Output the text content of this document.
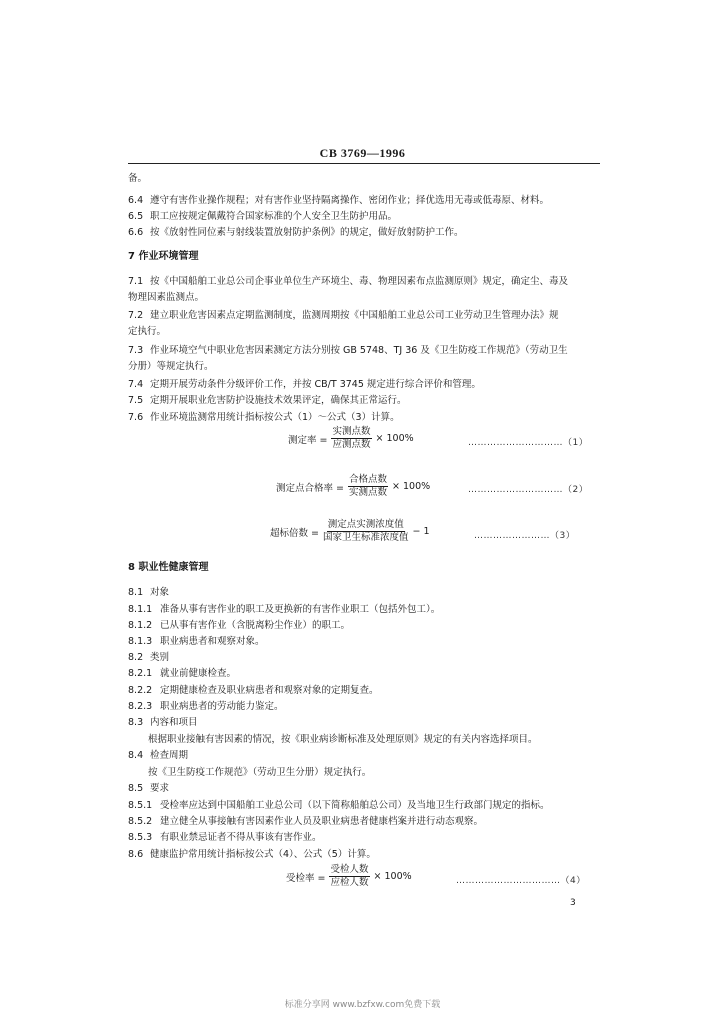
CB 3769—1996
备。
6.4 遵守有害作业操作规程；对有害作业坚持隔离操作、密闭作业；择优选用无毒或低毒原、材料。
6.5 职工应按规定佩戴符合国家标准的个人安全卫生防护用品。
6.6 按《放射性同位素与射线装置放射防护条例》的规定，做好放射防护工作。
7 作业环境管理
7.1 按《中国船舶工业总公司企事业单位生产环境尘、毒、物理因素布点监测原则》规定，确定尘、毒及
物理因素监测点。
7.2 建立职业危害因素点定期监测制度，监测周期按《中国船舶工业总公司工业劳动卫生管理办法》规
定执行。
7.3 作业环境空气中职业危害因素测定方法分别按 GB 5748、TJ 36 及《卫生防疫工作规范》（劳动卫生
分册）等规定执行。
7.4 定期开展劳动条件分级评价工作，并按 CB/T 3745 规定进行综合评价和管理。
7.5 定期开展职业危害防护设施技术效果评定，确保其正常运行。
7.6 作业环境监测常用统计指标按公式（1）～公式（3）计算。
测定率 = $\frac{\text{实测点数}}{\text{应测点数}} \times 100\%$	…………………………（1）
测定点合格率 = $\frac{\text{合格点数}}{\text{实测点数}} \times 100\%$	…………………………（2）
超标倍数 = $\frac{\text{测定点实测浓度值}}{\text{国家卫生标准浓度值}} - 1$	……………………（3）
8 职业性健康管理
8.1 对象
8.1.1 准备从事有害作业的职工及更换新的有害作业职工（包括外包工）。
8.1.2 已从事有害作业（含脱离粉尘作业）的职工。
8.1.3 职业病患者和观察对象。
8.2 类别
8.2.1 就业前健康检查。
8.2.2 定期健康检查及职业病患者和观察对象的定期复查。
8.2.3 职业病患者的劳动能力鉴定。
8.3 内容和项目
根据职业接触有害因素的情况，按《职业病诊断标准及处理原则》规定的有关内容选择项目。
8.4 检查周期
按《卫生防疫工作规范》（劳动卫生分册）规定执行。
8.5 要求
8.5.1 受检率应达到中国船舶工业总公司（以下简称船舶总公司）及当地卫生行政部门规定的指标。
8.5.2 建立健全从事接触有害因素作业人员及职业病患者健康档案并进行动态观察。
8.5.3 有职业禁忌证者不得从事该有害作业。
8.6 健康监护常用统计指标按公式（4）、公式（5）计算。
受检率 = $\frac{\text{受检人数}}{\text{应检人数}} \times 100\%$	……………………………（4）
3
标准分享网 www.bzfxw.com免费下载
